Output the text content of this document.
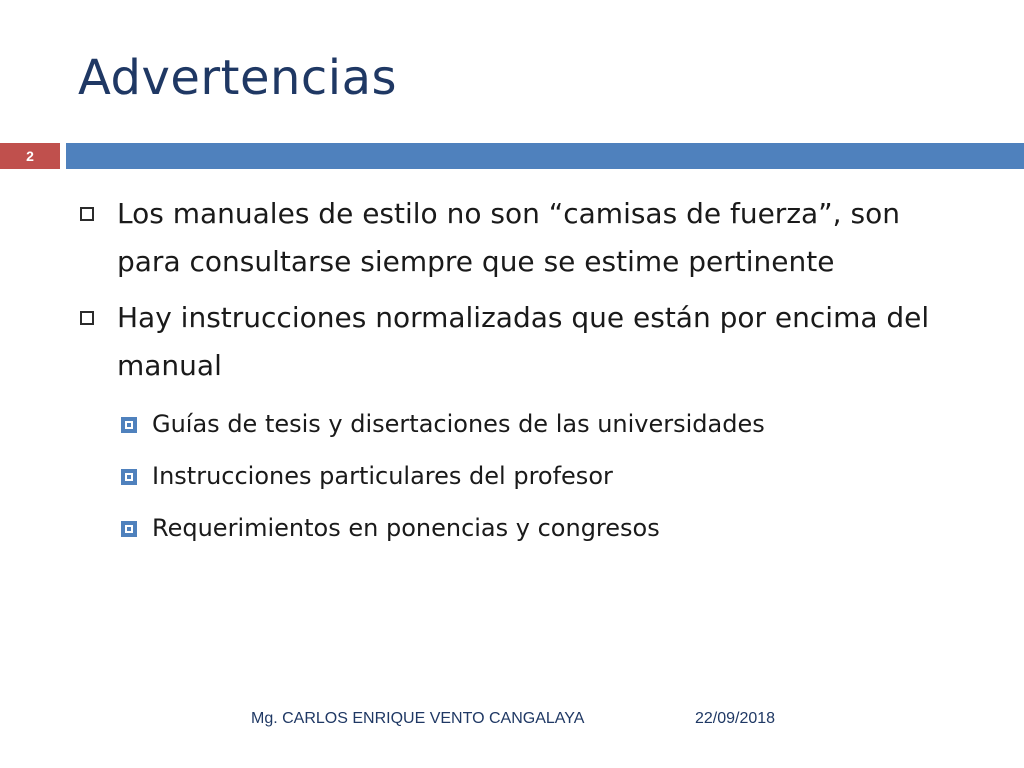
Advertencias
2
Los manuales de estilo no son “camisas de fuerza”, son para consultarse siempre que se estime pertinente
Hay instrucciones normalizadas que están por encima del manual
Guías de tesis y disertaciones de las universidades
Instrucciones particulares del profesor
Requerimientos en ponencias y congresos
Mg. CARLOS ENRIQUE VENTO CANGALAYA	22/09/2018
